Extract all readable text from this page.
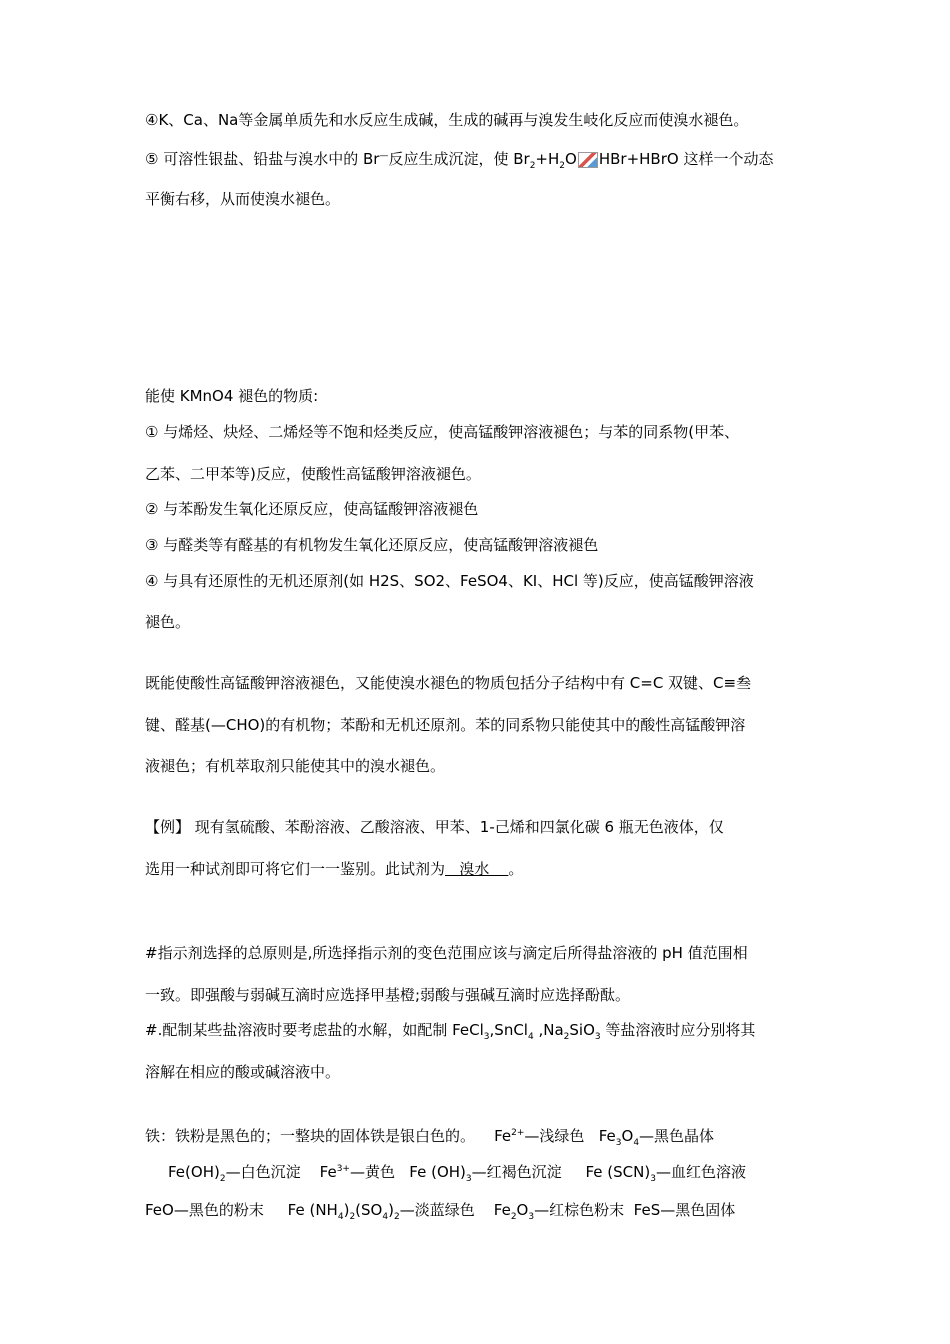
④K、Ca、Na等金属单质先和水反应生成碱，生成的碱再与溴发生岐化反应而使溴水褪色。
⑤ 可溶性银盐、铅盐与溴水中的 Br—反应生成沉淀，使 $Br_2+H_2O$ HBr+HBrO 这样一个动态
平衡右移，从而使溴水褪色。
能使 KMnO4 褪色的物质:
① 与烯烃、炔烃、二烯烃等不饱和烃类反应，使高锰酸钾溶液褪色；与苯的同系物(甲苯、
乙苯、二甲苯等)反应，使酸性高锰酸钾溶液褪色。
② 与苯酚发生氧化还原反应，使高锰酸钾溶液褪色
③ 与醛类等有醛基的有机物发生氧化还原反应，使高锰酸钾溶液褪色
④ 与具有还原性的无机还原剂(如 H2S、SO2、FeSO4、KI、HCl 等)反应，使高锰酸钾溶液
褪色。
既能使酸性高锰酸钾溶液褪色，又能使溴水褪色的物质包括分子结构中有 C=C 双键、C≡叁
键、醛基(—CHO)的有机物；苯酚和无机还原剂。苯的同系物只能使其中的酸性高锰酸钾溶
液褪色；有机萃取剂只能使其中的溴水褪色。
【例】 现有氢硫酸、苯酚溶液、乙酸溶液、甲苯、1-己烯和四氯化碳 6 瓶无色液体，仅
选用一种试剂即可将它们一一鉴别。此试剂为   溴水    。
#指示剂选择的总原则是,所选择指示剂的变色范围应该与滴定后所得盐溶液的 pH 值范围相
一致。即强酸与弱碱互滴时应选择甲基橙;弱酸与强碱互滴时应选择酚酞。
#.配制某些盐溶液时要考虑盐的水解，如配制 FeCl$_3$,SnCl$_4$ $,Na_2SiO_3$ 等盐溶液时应分别将其
溶解在相应的酸或碱溶液中。
铁：铁粉是黑色的；一整块的固体铁是银白色的。    $Fe^{2+}—$浅绿色   $Fe_3O_4—$黑色晶体
$Fe(OH)_2—$白色沉淀    $Fe^{3+}—$黄色   Fe $(OH)_3—$红褐色沉淀     Fe $(SCN)_3—$血红色溶液
FeO—黑色的粉末     Fe $(NH_4)_2(SO_4)_2—$淡蓝绿色    $Fe_2O_3—$红棕色粉末 FeS—黑色固体
